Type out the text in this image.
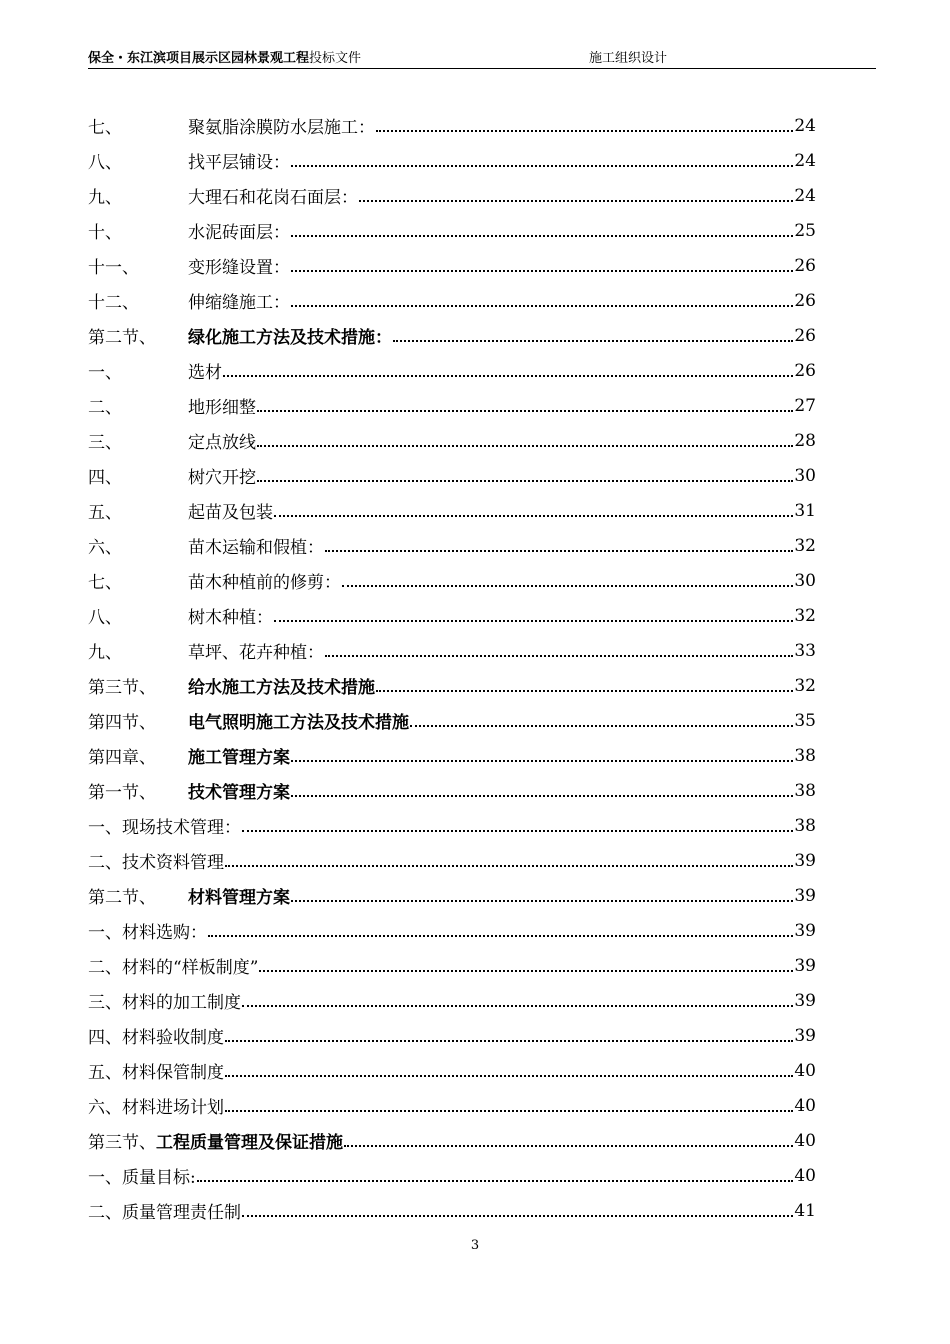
保全・东江滨项目展示区园林景观工程投标文件	施工组织设计
七、	聚氨脂涂膜防水层施工：	24
八、	找平层铺设：	24
九、	大理石和花岗石面层：	24
十、	水泥砖面层：	25
十一、	变形缝设置：	26
十二、	伸缩缝施工：	26
第二节、	绿化施工方法及技术措施：	26
一、	选材	26
二、	地形细整	27
三、	定点放线	28
四、	树穴开挖	30
五、	起苗及包装	31
六、	苗木运输和假植：	32
七、	苗木种植前的修剪：	30
八、	树木种植：	32
九、	草坪、花卉种植：	33
第三节、	给水施工方法及技术措施	32
第四节、	电气照明施工方法及技术措施	35
第四章、	施工管理方案	38
第一节、	技术管理方案	38
一、现场技术管理：	38
二、技术资料管理	39
第二节、	材料管理方案	39
一、材料选购：	39
二、材料的“样板制度”	39
三、材料的加工制度	39
四、材料验收制度	39
五、材料保管制度	40
六、材料进场计划	40
第三节、 工程质量管理及保证措施	40
一、质量目标:	40
二、质量管理责任制	41
3
